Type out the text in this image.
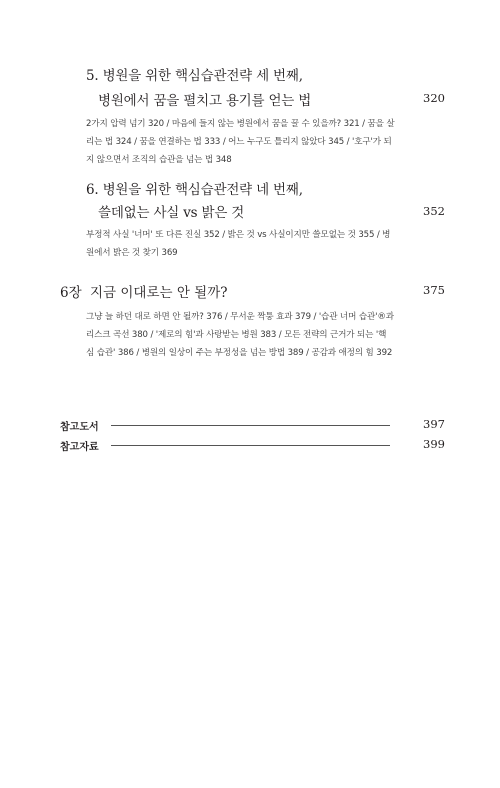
5. 병원을 위한 핵심습관전략 세 번째,
병원에서 꿈을 펼치고 용기를 얻는 법	320
2가지 압력 넘기 320 / 마음에 들지 않는 병원에서 꿈을 꿀 수 있을까? 321 / 꿈을 살
리는 법 324 / 꿈을 연결하는 법 333 / 어느 누구도 틀리지 않았다 345 / '호구'가 되
지 않으면서 조직의 습관을 넘는 법 348
6. 병원을 위한 핵심습관전략 네 번째,
쓸데없는 사실 vs 밝은 것	352
부정적 사실 '너머' 또 다른 진실 352 / 밝은 것 vs 사실이지만 쓸모없는 것 355 / 병
원에서 밝은 것 찾기 369
6장 지금 이대로는 안 될까?	375
그냥 늘 하던 대로 하면 안 될까? 376 / 무서운 짝퉁 효과 379 / '습관 너머 습관'®과
리스크 곡선 380 / '제로의 힘'과 사랑받는 병원 383 / 모든 전략의 근거가 되는 '핵
심 습관' 386 / 병원의 일상이 주는 부정성을 넘는 방법 389 / 공감과 애정의 힘 392
참고도서	397
참고자료	399
